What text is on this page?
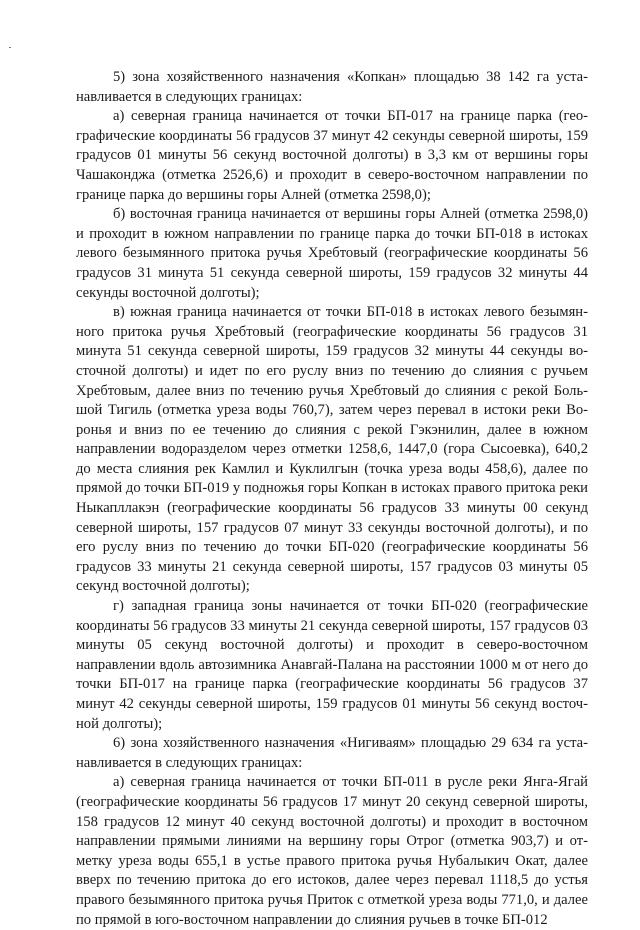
5) зона хозяйственного назначения «Копкан» площадью 38 142 га устанавливается в следующих границах:

а) северная граница начинается от точки БП-017 на границе парка (географические координаты 56 градусов 37 минут 42 секунды северной широты, 159 градусов 01 минуты 56 секунд восточной долготы) в 3,3 км от вершины горы Чашаконджа (отметка 2526,6) и проходит в северо-восточном направлении по границе парка до вершины горы Алней (отметка 2598,0);

б) восточная граница начинается от вершины горы Алней (отметка 2598,0) и проходит в южном направлении по границе парка до точки БП-018 в истоках левого безымянного притока ручья Хребтовый (географические координаты 56 градусов 31 минута 51 секунда северной широты, 159 градусов 32 минуты 44 секунды восточной долготы);

в) южная граница начинается от точки БП-018 в истоках левого безымянного притока ручья Хребтовый (географические координаты 56 градусов 31 минута 51 секунда северной широты, 159 градусов 32 минуты 44 секунды восточной долготы) и идет по его руслу вниз по течению до слияния с ручьем Хребтовым, далее вниз по течению ручья Хребтовый до слияния с рекой Большой Тигиль (отметка уреза воды 760,7), затем через перевал в истоки реки Воронья и вниз по ее течению до слияния с рекой Гэкэнилин, далее в южном направлении водоразделом через отметки 1258,6, 1447,0 (гора Сысоевка), 640,2 до места слияния рек Камлил и Куклилгын (точка уреза воды 458,6), далее по прямой до точки БП-019 у подножья горы Копкан в истоках правого притока реки Ныкапллакэн (географические координаты 56 градусов 33 минуты 00 секунд северной широты, 157 градусов 07 минут 33 секунды восточной долготы), и по его руслу вниз по течению до точки БП-020 (географические координаты 56 градусов 33 минуты 21 секунда северной широты, 157 градусов 03 минуты 05 секунд восточной долготы);

г) западная граница зоны начинается от точки БП-020 (географические координаты 56 градусов 33 минуты 21 секунда северной широты, 157 градусов 03 минуты 05 секунд восточной долготы) и проходит в северо-восточном направлении вдоль автозимника Анавгай-Палана на расстоянии 1000 м от него до точки БП-017 на границе парка (географические координаты 56 градусов 37 минут 42 секунды северной широты, 159 градусов 01 минуты 56 секунд восточной долготы);

6) зона хозяйственного назначения «Нигиваям» площадью 29 634 га устанавливается в следующих границах:

а) северная граница начинается от точки БП-011 в русле реки Янга-Ягай (географические координаты 56 градусов 17 минут 20 секунд северной широты, 158 градусов 12 минут 40 секунд восточной долготы) и проходит в восточном направлении прямыми линиями на вершину горы Отрог (отметка 903,7) и отметку уреза воды 655,1 в устье правого притока ручья Нубалыкич Окат, далее вверх по течению притока до его истоков, далее через перевал 1118,5 до устья правого безымянного притока ручья Приток с отметкой уреза воды 771,0, и далее по прямой в юго-восточном направлении до слияния ручьев в точке БП-012
